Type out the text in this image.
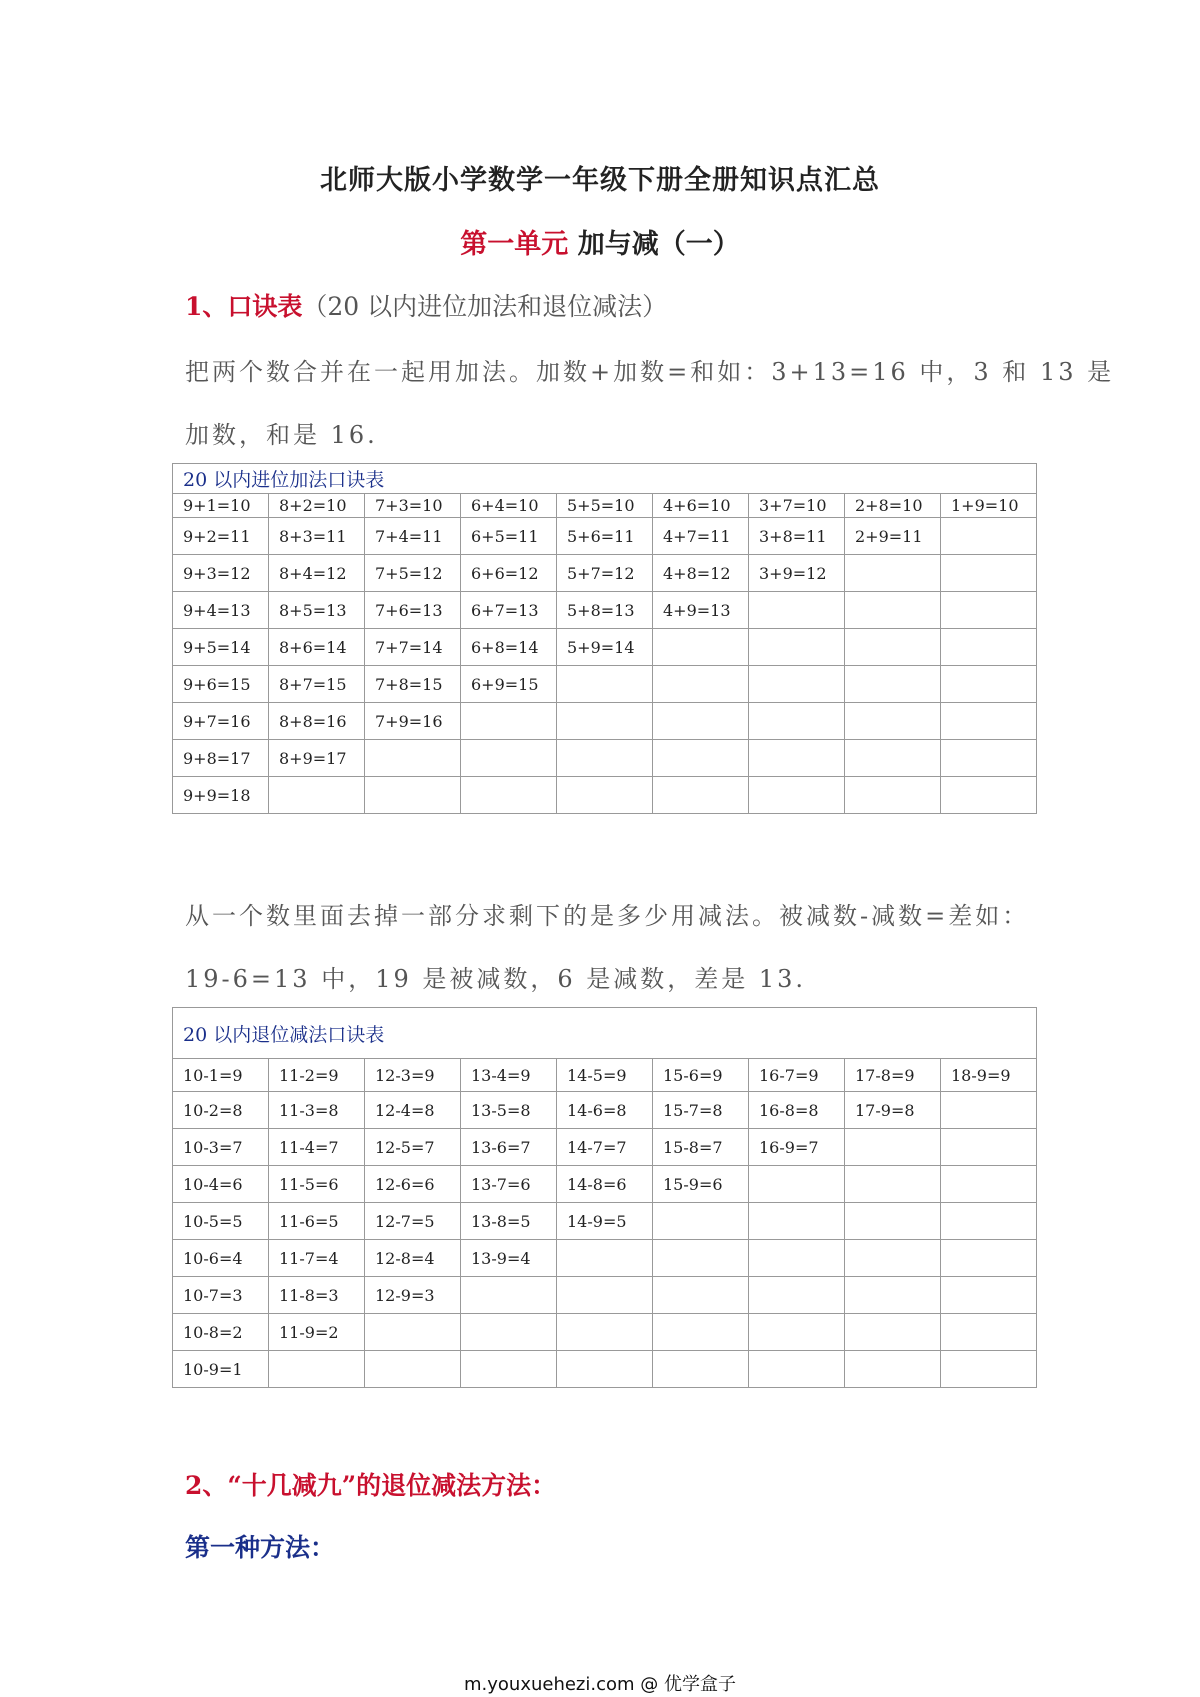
北师大版小学数学一年级下册全册知识点汇总
第一单元 加与减（一）
1、口诀表（20 以内进位加法和退位减法）
把两个数合并在一起用加法。加数+加数=和如：3+13=16 中，3 和 13 是
加数，和是 16.
20 以内进位加法口诀表								
9+1=10	8+2=10	7+3=10	6+4=10	5+5=10	4+6=10	3+7=10	2+8=10	1+9=10
9+2=11	8+3=11	7+4=11	6+5=11	5+6=11	4+7=11	3+8=11	2+9=11	
9+3=12	8+4=12	7+5=12	6+6=12	5+7=12	4+8=12	3+9=12		
9+4=13	8+5=13	7+6=13	6+7=13	5+8=13	4+9=13			
9+5=14	8+6=14	7+7=14	6+8=14	5+9=14				
9+6=15	8+7=15	7+8=15	6+9=15					
9+7=16	8+8=16	7+9=16						
9+8=17	8+9=17							
9+9=18								
从一个数里面去掉一部分求剩下的是多少用减法。被减数-减数=差如：
19-6=13 中，19 是被减数，6 是减数，差是 13.
20 以内退位减法口诀表								
10-1=9	11-2=9	12-3=9	13-4=9	14-5=9	15-6=9	16-7=9	17-8=9	18-9=9
10-2=8	11-3=8	12-4=8	13-5=8	14-6=8	15-7=8	16-8=8	17-9=8	
10-3=7	11-4=7	12-5=7	13-6=7	14-7=7	15-8=7	16-9=7		
10-4=6	11-5=6	12-6=6	13-7=6	14-8=6	15-9=6			
10-5=5	11-6=5	12-7=5	13-8=5	14-9=5				
10-6=4	11-7=4	12-8=4	13-9=4					
10-7=3	11-8=3	12-9=3						
10-8=2	11-9=2							
10-9=1								
2、“十几减九”的退位减法方法：
第一种方法：
m.youxuehezi.com @ 优学盒子
